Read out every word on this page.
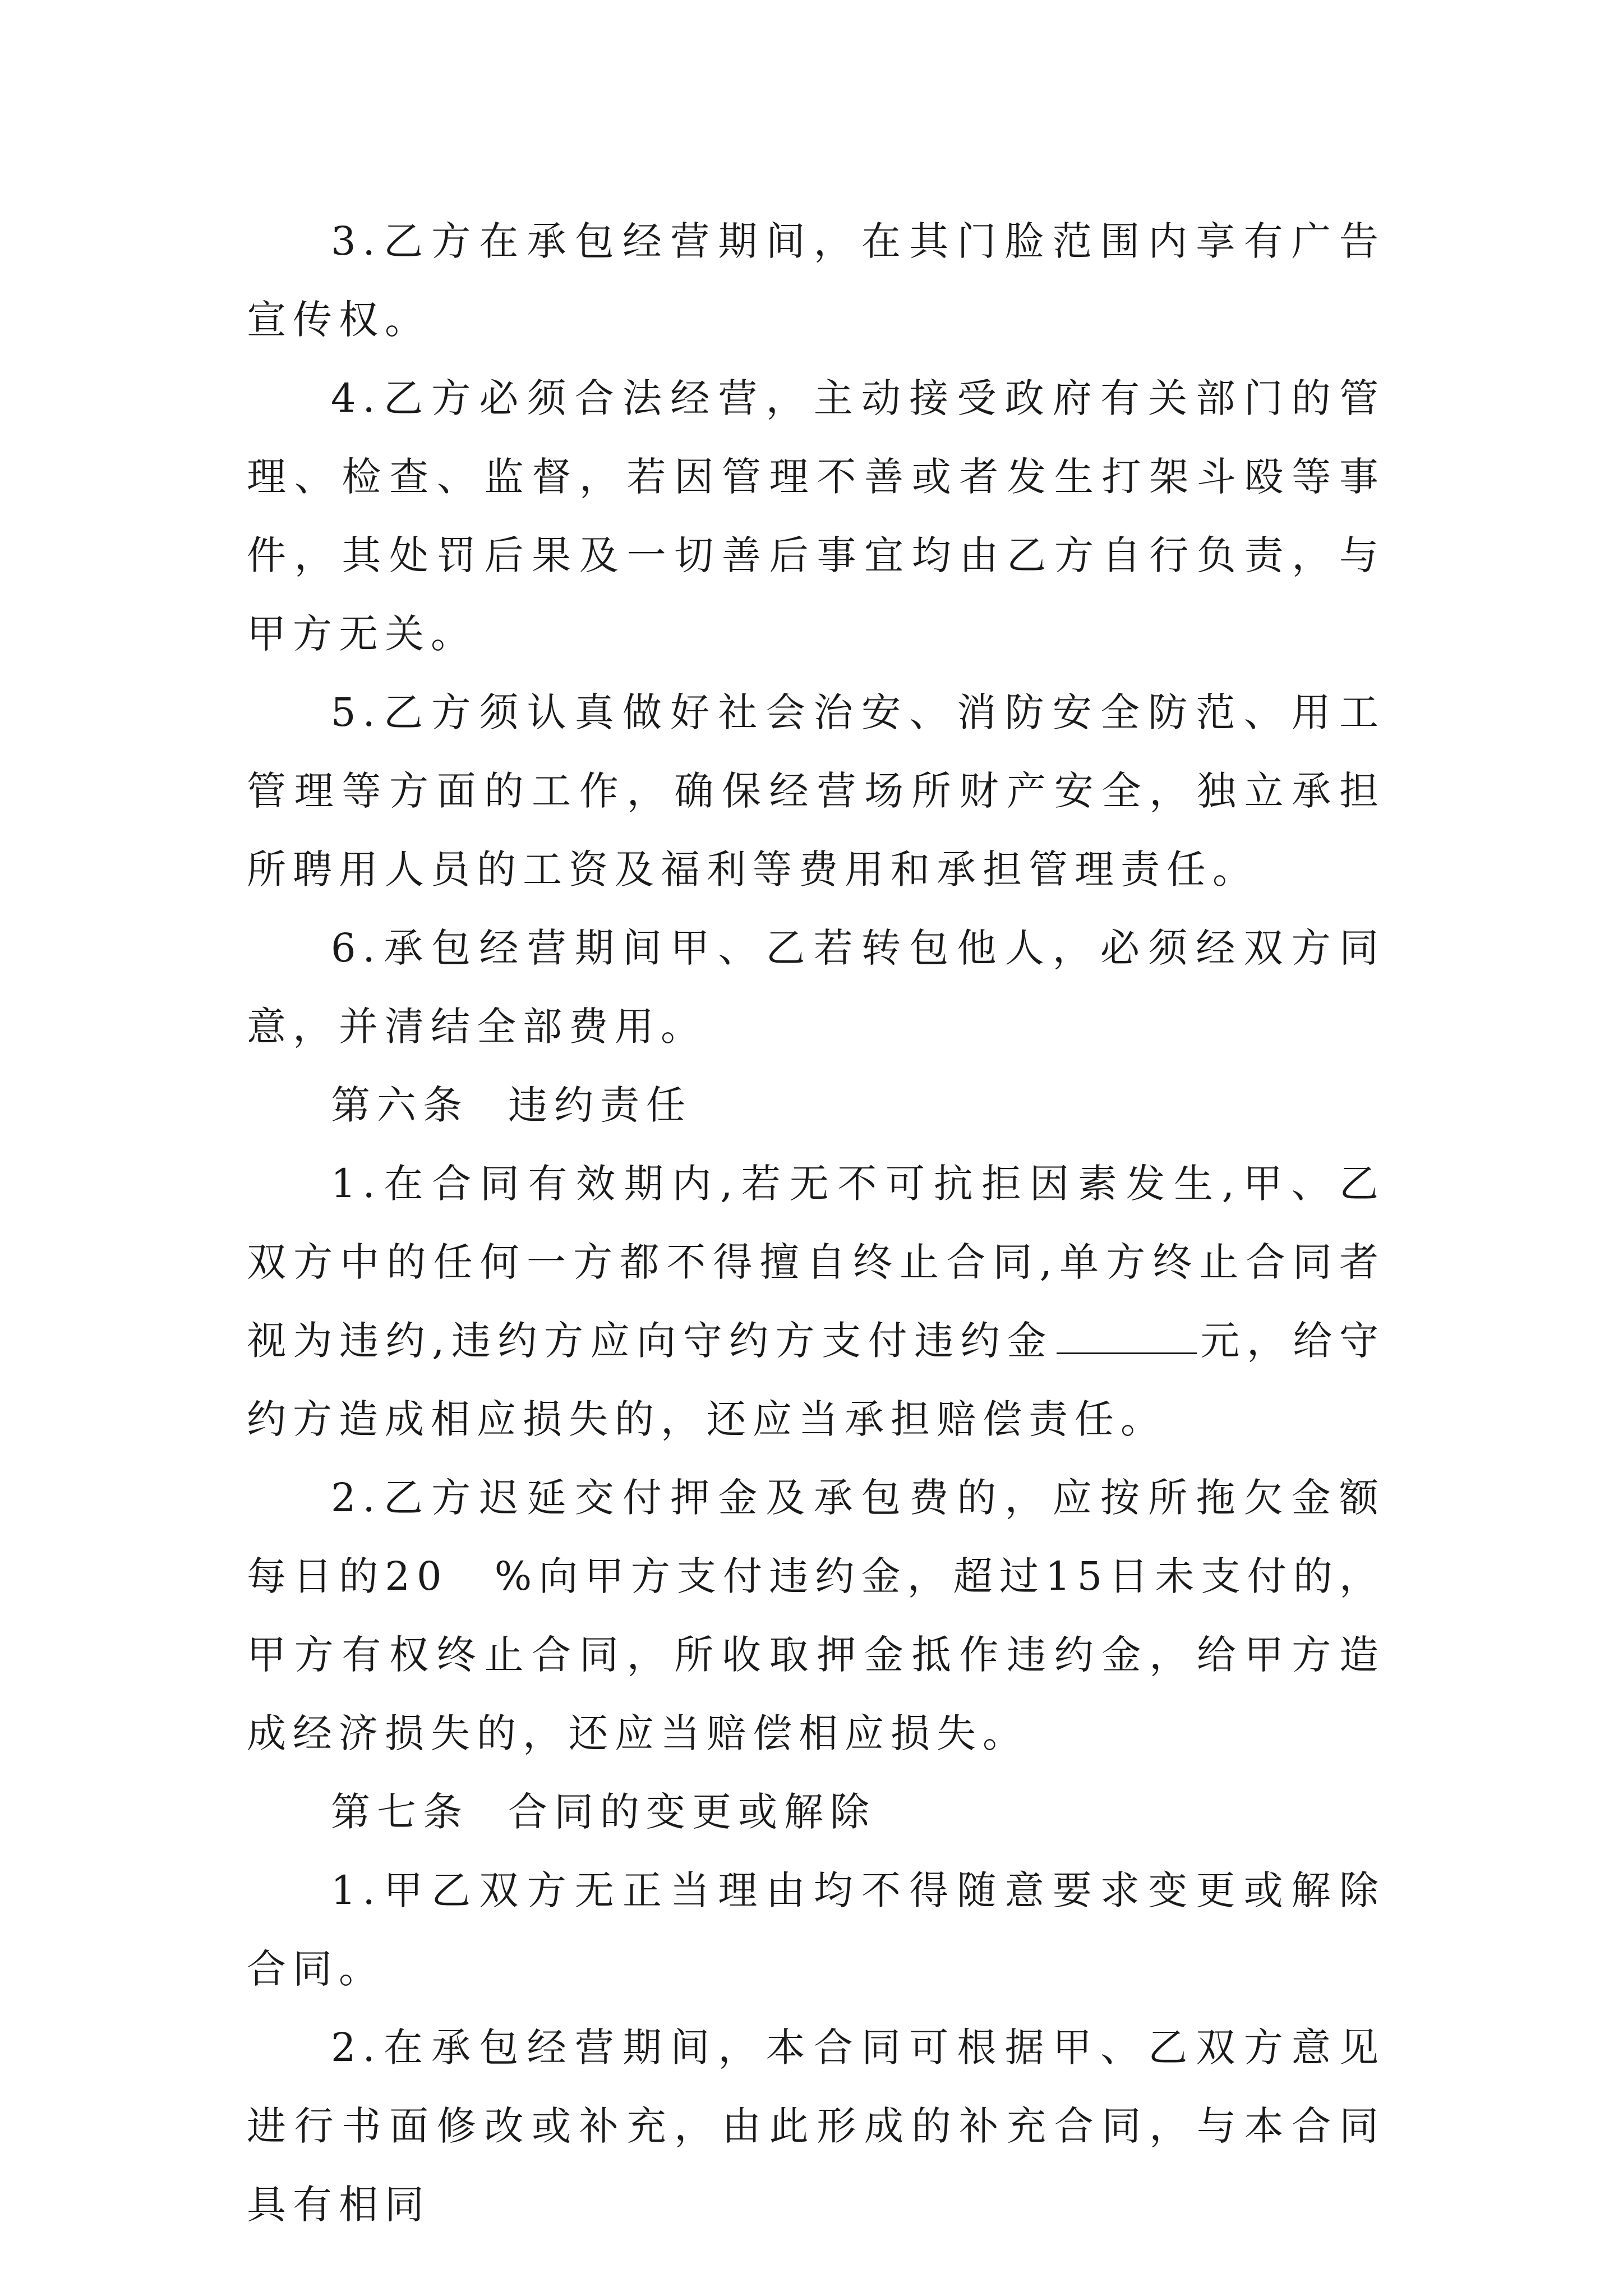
3.乙方在承包经营期间，在其门脸范围内享有广告宣传权。

4.乙方必须合法经营，主动接受政府有关部门的管理、检查、监督，若因管理不善或者发生打架斗殴等事件，其处罚后果及一切善后事宜均由乙方自行负责，与甲方无关。

5.乙方须认真做好社会治安、消防安全防范、用工管理等方面的工作，确保经营场所财产安全，独立承担所聘用人员的工资及福利等费用和承担管理责任。

6.承包经营期间甲、乙若转包他人，必须经双方同意，并清结全部费用。

第六条 违约责任

1.在合同有效期内,若无不可抗拒因素发生,甲、乙双方中的任何一方都不得擅自终止合同,单方终止合同者视为违约,违约方应向守约方支付违约金	元，给守约方造成相应损失的，还应当承担赔偿责任。

2.乙方迟延交付押金及承包费的，应按所拖欠金额每日的20　%向甲方支付违约金，超过15日未支付的，甲方有权终止合同，所收取押金抵作违约金，给甲方造成经济损失的，还应当赔偿相应损失。

第七条 合同的变更或解除

1.甲乙双方无正当理由均不得随意要求变更或解除合同。

2.在承包经营期间，本合同可根据甲、乙双方意见进行书面修改或补充，由此形成的补充合同，与本合同具有相同
